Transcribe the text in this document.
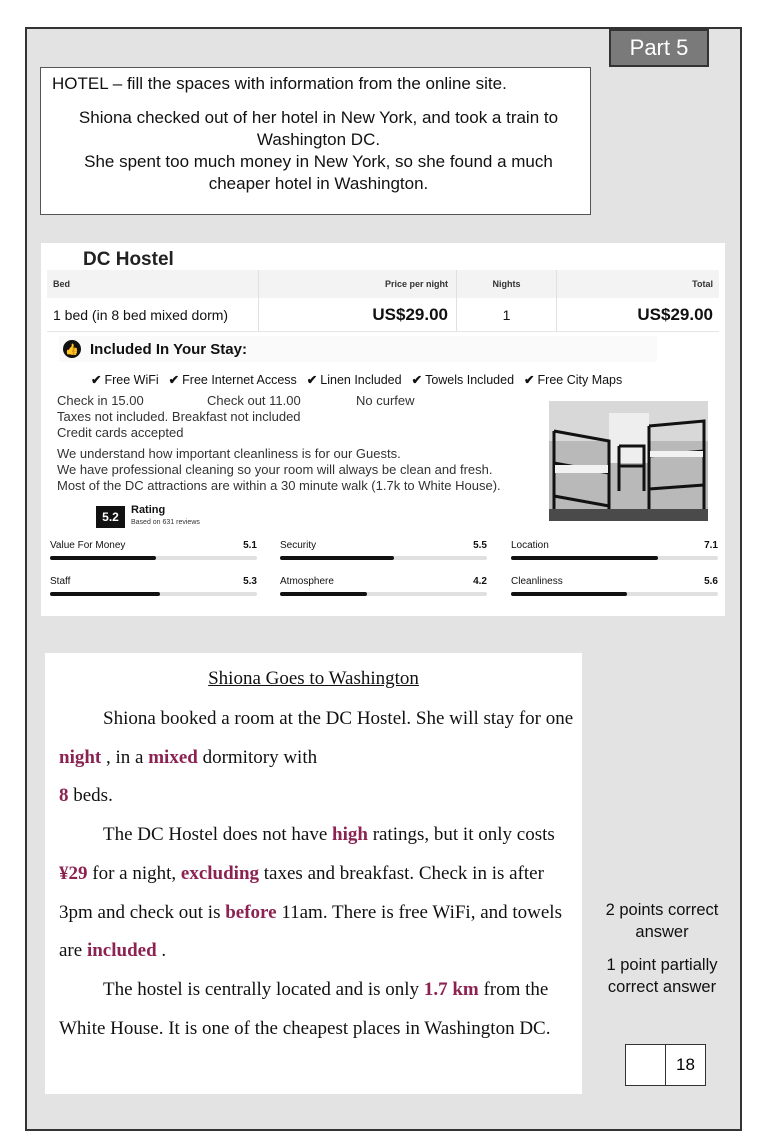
Part 5
HOTEL – fill the spaces with information from the online site.
Shiona checked out of her hotel in New York, and took a train to Washington DC.
She spent too much money in New York, so she found a much cheaper hotel in Washington.
DC Hostel
Bed	Price per night	Nights	Total
1 bed (in 8 bed mixed dorm)	US$29.00	1	US$29.00
👍 Included In Your Stay:
✔ Free WiFi ✔ Free Internet Access ✔ Linen Included ✔ Towels Included ✔ Free City Maps
Check in 15.00	Check out 11.00	No curfew
Taxes not included. Breakfast not included
Credit cards accepted
We understand how important cleanliness is for our Guests.
We have professional cleaning so your room will always be clean and fresh.
Most of the DC attractions are within a 30 minute walk (1.7k to White House).
5.2	Rating
Based on 631 reviews
Value For Money	5.1 Security	5.5 Location	7.1
Staff	5.3 Atmosphere	4.2 Cleanliness	5.6
Shiona Goes to Washington
Shiona booked a room at the DC Hostel. She will stay for one night , in a mixed dormitory with
8 beds.
The DC Hostel does not have high ratings, but it only costs ¥29 for a night, excluding taxes and breakfast. Check in is after 3pm and check out is before 11am. There is free WiFi, and towels are included .
The hostel is centrally located and is only 1.7 km from the White House. It is one of the cheapest places in Washington DC.
2 points correct answer
1 point partially correct answer
18
